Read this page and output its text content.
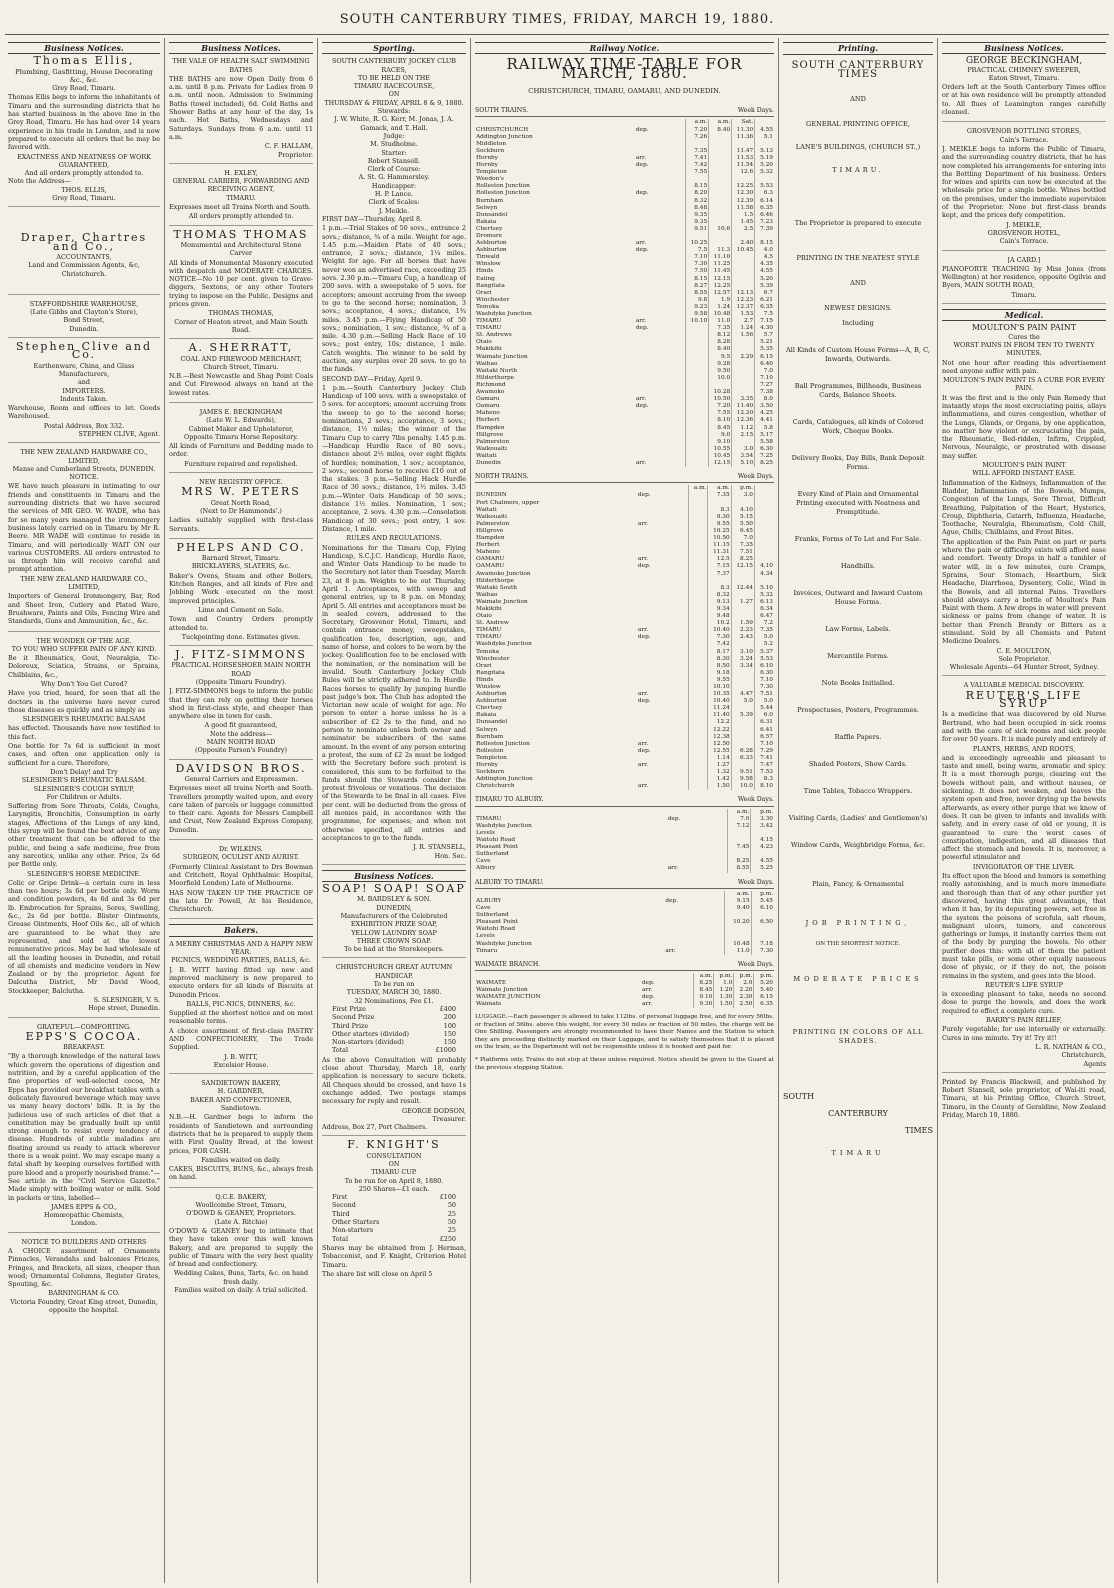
SOUTH CANTERBURY TIMES, FRIDAY, MARCH 19, 1880.
Business Notices.
Thomas Ellis,
Plumbing, Gasfitting, House Decorating &c., &c.
Grey Road, Timaru.

Thomas Ellis begs to inform the inhabitants of Timaru and the surrounding districts that he has started business in the above line in the Grey Road, Timaru. He has had over 14 years experience in his trade in London, and is now prepared to execute all orders that he may be favored with.

EXACTNESS AND NEATNESS OF WORK GUARANTEED,
And all orders promptly attended to.
Note the Address—
THOS. ELLIS,
Grey Road, Timaru.
Draper, Chartres and Co.,
ACCOUNTANTS,
Land and Commission Agents, &c,
Christchurch.
STAFFORDSHIRE WAREHOUSE,
(Late Gibbs and Clayton's Store),
Bond Street,
Dunedin.
Stephen Clive and Co.
Earthenware, China, and Glass Manufacturers,
and
IMPORTERS.
Indents Taken.

Warehouse, Room and offices to let. Goods Warehoused.

Postal Address, Box 332.
STEPHEN CLIVE, Agent.
THE NEW ZEALAND HARDWARE CO., LIMITED,
Manse and Cumberland Streets, DUNEDIN.
NOTICE.

WE have much pleasure in intimating to our friends and constituents in Timaru and the surrounding districts that we have secured the services of MR GEO. W. WADE, who has for so many years managed the ironmongery business lately carried on in Timaru by Mr R. Beere. MR WADE will continue to reside in Timaru, and will periodically WAIT ON our various CUSTOMERS. All orders entrusted to us through him will receive careful and prompt attention.

THE NEW ZEALAND HARDWARE CO., LIMITED,

Importers of General Ironmongery, Bar, Rod and Sheet Iron, Cutlery and Plated Ware, Brushware, Paints and Oils, Fencing Wire and Standards, Guns and Ammunition, &c., &c.

THE WONDER OF THE AGE.
TO YOU WHO SUFFER PAIN OF ANY KIND.

Be it Rheumatics, Gout, Neuralgia, Tic-Doloreux, Sciatica, Strains, or Sprains, Chilblains, &c.,

Why Don't You Get Cured?

Have you tried, heard, for seen that all the doctors in the universe have never cured those diseases as quickly and as simply as

SLESINGER'S RHEUMATIC BALSAM

has effected. Thousands have now testified to this fact.

One bottle for 7s 6d is sufficient in most cases, and often one application only is sufficient for a cure. Therefore,

Don't Delay! and Try
SLESINGER'S RHEUMATIC BALSAM.
SLESINGER'S COUGH SYRUP,
For Children or Adults.

Suffering from Sore Throats, Colds, Coughs, Laryngitis, Bronchitis, Consumption in early stages, Affections of the Lungs of any kind, this syrup will be found the best advice of any other treatment that can be offered to the public, and being a safe medicine, free from any narcotics, unlike any other. Price, 2s 6d per Bottle only.

SLESINGER'S HORSE MEDICINE.

Colic or Gripe Drink—a certain cure in less than two hours; 3s 6d per bottle only. Worm and condition powders, 4s 6d and 3s 6d per lb. Embrocation for Sprains, Sores, Swelling, &c., 2s 6d per bottle. Blister Ointments, Grease Ointments, Hoof Oils &c., all of which are guaranteed to be what they are represented, and sold at the lowest remunerative prices. May be had wholesale of all the leading houses in Dunedin, and retail of all chemists and medicine vendors in New Zealand or by the proprietor. Agent for Dalcutha District, Mr David Wood, Stockkeeper, Balclutha.

S. SLESINGER, V. S.
Hope street, Dunedin.
GRATEFUL—COMFORTING.
EPPS'S COCOA.
BREAKFAST.

"By a thorough knowledge of the natural laws which govern the operations of digestion and nutrition, and by a careful application of the fine properties of well-selected cocoa, Mr Epps has provided our breakfast tables with a delicately flavoured beverage which may save us many heavy doctors' bills. It is by the judicious use of such articles of diet that a constitution may be gradually built up until strong enough to resist every tendency of disease. Hundreds of subtle maladies are floating around us ready to attack wherever there is a weak point. We may escape many a fatal shaft by keeping ourselves fortified with pure blood and a properly nourished frame."—See article in the "Civil Service Gazette." Made simply with boiling water or milk. Sold in packets or tins, labelled—

JAMES EPPS & CO.,
Homœopathic Chemists,
London.
NOTICE TO BUILDERS AND OTHERS

A CHOICE assortment of Ornaments Pinnacles, Verandahs and balconies Friezes, Fringes, and Brackets, all sizes, cheaper than wood; Ornamental Columns, Register Grates, Spouting, &c.

BARNINGHAM & CO.
Victoria Foundry, Great King street, Dunedin, opposite the hospital.
Business Notices.
THE VALE OF HEALTH SALT SWIMMING BATHS

THE BATHS are now Open Daily from 6 a.m. until 8 p.m. Private for Ladies from 9 a.m. until noon. Admission to Swimming Baths (towel included), 6d. Cold Baths and Shower Baths at any hour of the day, 1s each. Hot Baths, Wednesdays and Saturdays. Sundays from 6 a.m. until 11 a.m.

C. F. HALLAM,
Proprietor.
H. EXLEY,
GENERAL CARRIER, FORWARDING AND RECEIVING AGENT,
TIMARU.

Expresses meet all Trains North and South.

All orders promptly attended to.
THOMAS THOMAS
Monumental and Architectural Stone Carver

All kinds of Monumental Masonry executed with despatch and MODERATE CHARGES. NOTICE—No 10 per cent. given to Grave-diggers, Sextons, or any other Touters trying to impose on the Public. Designs and prices given.

THOMAS THOMAS,
Corner of Heaton street, and Main South Road.
A. SHERRATT,
COAL AND FIREWOOD MERCHANT,
Church Street, Timaru.

N.B.—Best Newcastle and Shag Point Coals and Cut Firewood always on hand at the lowest rates.

JAMES E. BECKINGHAM
(Late W. L. Edwards),
Cabinet Maker and Upholsterer,
Opposite Timaru Horse Repository.

All kinds of Furniture and Bedding made to order.

Furniture repaired and repolished.
NEW REGISTRY OFFICE.
MRS W. PETERS
Great North Road,
(Next to Dr Hammonds'.)

Ladies suitably supplied with first-class Servants.

PHELPS AND CO.
Barnard Street, Timaru.
BRICKLAYERS, SLATERS, &c.

Baker's Ovens, Steam and other Boilers, Kitchen Ranges, and all kinds of Fire and Jobbing Work executed on the most improved principles.

Lime and Cement on Sale.

Town and Country Orders promptly attended to.

Tuckpointing done. Estimates given.
J. FITZ-SIMMONS
PRACTICAL HORSESHOER MAIN NORTH ROAD
(Opposite Timaru Foundry).

J. FITZ-SIMMONS begs to inform the public that they can rely on getting their horses shod in first-class style, and cheaper than anywhere else in town for cash.

A good fit guaranteed,
Note the address—
MAIN NORTH ROAD
(Opposite Parson's Foundry)
DAVIDSON BROS.
General Carriers and Expressmen.

Expresses meet all trains North and South. Travellers promptly waited upon, and every care taken of parcels or luggage committed to their care. Agents for Messrs Campbell and Crust, New Zealand Express Company, Dunedin.

Dr. WILKINS.
SURGEON, OCULIST AND AURIST.

(Formerly Clinical Assistant to Drs Bowman and Critchett, Royal Ophthalmic Hospital, Moorfield London) Late of Melbourne.

HAS NOW TAKEN UP THE PRACTICE OF the late Dr Powell, At his Residence, Christchurch.

Bakers.
A MERRY CHRISTMAS AND A HAPPY NEW YEAR.
PICNICS, WEDDING PARTIES, BALLS, &c.

J. B. WITT having fitted up new and improved machinery is now prepared to execute orders for all kinds of Biscuits at Dunedin Prices.

BALLS, PIC-NICS, DINNERS, &c.

Supplied at the shortest notice and on most reasonable terms.

A choice assortment of first-class PASTRY AND CONFECTIONERY, The Trade Supplied.

J. B. WITT,
Excelsior House.
SANDIETOWN BAKERY,
H. GARDNER,
BAKER AND CONFECTIONER,
Sandietown.

N.B.—H. Gardner begs to inform the residents of Sandietown and surrounding districts that he is prepared to supply them with First Quality Bread, at the lowest prices, FOR CASH.

Families waited on daily.

CAKES, BISCUITS, BUNS, &c., always fresh on hand.

Q.C.E. BAKERY,
Woollcombe Street, Timaru,
O'DOWD & GEANEY, Proprietors.
(Late A. Ritchie)

O'DOWD & GEANEY beg to intimate that they have taken over this well known Bakery, and are prepared to supply the public of Timaru with the very best quality of bread and confectionery.

Wedding Cakes, Buns, Tarts, &c. on hand fresh daily.
Families waited on daily. A trial solicited.
Sporting.
SOUTH CANTERBURY JOCKEY CLUB RACES,
TO BE HELD ON THE
TIMARU RACECOURSE,
ON
THURSDAY & FRIDAY, APRIL 8 & 9, 1880.
Stewards:
J. W. White, R. G. Kerr, M. Jonas, J. A. Gamack, and T. Hall.
Judge:
M. Studholme.
Starter:
Robert Stansell.
Clerk of Course:
A. St. G. Hammersley.
Handicapper:
H. P. Lance.
Clerk of Scales:
J. Meikle.
FIRST DAY—Thursday, April 8.

1 p.m.—Trial Stakes of 50 sovs., entrance 2 sovs.; distance, ¾ of a mile. Weight for age. 1.45 p.m.—Maiden Plate of 40 sovs.; entrance, 2 sovs.; distance, 1¼ miles. Weight for age. For all horses that have never won an advertised race, exceeding 25 sovs. 2.30 p.m.—Timaru Cup, a handicap of 200 sovs. with a sweepstake of 5 sovs. for acceptors; amount accruing from the sweep to go to the second horse; nomination, 3 sovs.; acceptance, 4 sovs.; distance, 1¾ miles. 3.45 p.m.—Flying Handicap of 50 sovs.; nomination, 1 sov.; distance, ¾ of a mile. 4.30 p.m.—Selling Hack Race of 10 sovs.; post entry, 10s; distance, 1 mile. Catch weights. The winner to be sold by auction, any surplus over 20 sovs. to go to the funds.

SECOND DAY—Friday, April 9.

1 p.m.—South Canterbury Jockey Club Handicap of 100 sovs. with a sweepstake of 5 sovs. for acceptors; amount accruing from the sweep to go to the second horse; nominations, 2 sovs.; acceptance, 3 sovs.; distance, 1½ miles; the winner of the Timaru Cup to carry 7lbs penalty. 1.45 p.m.—Handicap Hurdle Race of 80 sovs.; distance about 2½ miles, over eight flights of hurdles; nomination, 1 sov.; acceptance, 2 sovs.; second horse to receive £10 out of the stakes. 3 p.m.—Selling Hack Hurdle Race of 30 sovs.; distance, 1½ miles. 3.45 p.m.—Winter Oats Handicap of 50 sovs.; distance 1½ miles. Nomination, 1 sov.; acceptance, 2 sovs. 4.30 p.m.—Consolation Handicap of 30 sovs.; post entry, 1 sov. Distance, 1 mile.

RULES AND REGULATIONS.

Nominations for the Timaru Cup, Flying Handicap, S.C.J.C. Handicap, Hurdle Race, and Winter Oats Handicap to be made to the Secretary not later than Tuesday, March 23, at 8 p.m. Weights to be out Thursday, April 1. Acceptances, with sweep and general entries, up to 8 p.m. on Monday, April 5. All entries and acceptances must be in sealed covers, addressed to the Secretary, Grosvenor Hotel, Timaru, and contain entrance money, sweepstakes, qualification fee, description, age, and name of horse, and colors to be worn by the jockey. Qualification fee to be enclosed with the nomination, or the nomination will be invalid. South Canterbury Jockey Club Rules will be strictly adhered to. In Hurdle Races horses to qualify by jumping hurdle past judge's box. The Club has adopted the Victorian new scale of weight for age. No person to enter a horse unless he is a subscriber of £2 2s to the fund, and no person to nominate unless both owner and nominator be subscribers of the same amount. In the event of any person entering a protest, the sum of £2 2s must be lodged with the Secretary before such protest is considered, this sum to be forfeited to the funds should the Stewards consider the protest frivolous or vexatious. The decision of the Stewards to be final in all cases. Five per cent. will be deducted from the gross of all monies paid, in accordance with the programme, for expenses; and when not otherwise specified, all entries and acceptances to go to the funds.

J. R. STANSELL,
Hon. Sec.
Business Notices.
SOAP! SOAP! SOAP
M. BARDSLEY & SON.
DUNEDIN,
Manufacturers of the Celebrated
EXHIBITION PRIZE SOAP,
YELLOW LAUNDRY SOAP
THREE CROWN SOAP.
To be had at the Storekeepers.
CHRISTCHURCH GREAT AUTUMN HANDICAP.
To be run on
TUESDAY, MARCH 30, 1880.
32 Nominations, Fee £1.
First Prize	£400
Second Prize	200
Third Prize	100
Other starters (divided)	150
Non-starters (divided)	150
Total	£1000

As the above Consultation will probably close about Thursday, March 18, early application is necessary to secure tickets. All Cheques should be crossed, and have 1s exchange added. Two postage stamps necessary for reply and result.

GEORGE DODSON,
Treasurer.
Address, Box 27, Port Chalmers.
F. KNIGHT'S
CONSULTATION
ON
TIMARU CUP.
To be run for on April 8, 1880.
250 Shares—£1 each.
First	£100
Second	50
Third	25
Other Starters	50
Non-starters	25
Total	£250

Shares may be obtained from J. Herman, Tobacconist, and F. Knight, Criterion Hotel Timaru.

The share list will close on April 5
Railway Notice.
RAILWAY TIME-TABLE FOR MARCH, 1880.
CHRISTCHURCH, TIMARU, OAMARU, AND DUNEDIN.
SOUTH TRAINS.	Week Days.
		a.m.	a.m.	Sat.	
CHRISTCHURCH	dep.	7.20	8.40	11.30	4.55
Addington Junction		7.26		11.36	5.1
Middleton					
Sockburn		7.35		11.47	5.13
Hornby	arr.	7.41		11.53	5.19

Hornby	dep.	7.42		11.54	5.20
Templeton		7.55		12.6	5.32
Weedon's					
Rolleston Junction		8.15		12.25	5.53
Rolleston Junction	dep.	8.20		12.30	6.3
Burnham		8.32		12.39	6.14
Selwyn		8.48		11.58	6.35
Dunsandel		9.35		1.5	6.46
Rakaia		9.35		1.45	7.23
Chertsey		9.51	10.6	2.5	7.39
Dromore					
Ashburton	arr.	10.25		2.40	8.15

Ashburton	dep.	7.5	11.3	10.45	4.0
Tinwald		7.10	11.10		4.5
Winslow		7.30	11.25		4.35
Hinds		7.50	11.45		4.55
Ealing		8.15	12.15		5.20
Rangitata		8.27	12.25		5.39
Orari		8.55	12.57	12.13	6.7
Winchester		9.8	1.9	12.23	6.21
Temuka		9.23	1.24	12.37	6.35
Washdyke Junction		9.58	10.48	1.53	7.5
TIMARU	arr.	10.10	11.0	2.7	7.15

TIMARU	dep.		7.35	1.24	4.30
St. Andrews			8.12	1.56	5.7
Otaio			8.28		5.21
Makikihi			8.40		5.35
Waimate Junction			9.5	2.29	6.15
Waihao			9.28		6.40
Waitaki North			9.50		7.0
Hilderthorpe			10.0		7.10
Richmond					7.27
Awamoko			10.28		7.38
Oamaru	arr.		10.50	3.35	8.0

Oamaru	dep.		7.20	11.40	3.50
Maheno			7.55	12.20	4.25
Herbert			8.10	12.36	4.41
Hampden			8.45	1.12	5.8
Hillgrove			9.0	2.15	5.17
Palmerston			9.10		5.58
Waikouaiti			10.55	3.0	6.30
Waitati			10.45	3.54	7.25
Dunedin	arr.		12.15	5.10	8.25
NORTH TRAINS.	Week Days.
		a.m.	a.m.	p.m.	
DUNEDIN	dep.		7.35	3.0	
Port Chalmers, upper					
Waitati			8.3	4.10	
Waikouaiti			9.30	5.15	
Palmerston	arr.		9.55	5.50	
Hillgrove			10.25	6.45	
Hampden			10.50	7.0	
Herbert			11.15	7.35	
Maheno			11.31	7.51	
OAMARU	arr.		12.5	8.25	

OAMARU	dep.		7.15	12.15	4.10
Awamoko Junction			7.37		4.34
Hilderthorpe					
Waitaki South			8.3	12.44	5.10
Waihao			8.32		5.32
Waimate Junction			9.13	1.27	6.13
Makikihi			9.34		6.34
Otaio			9.48		6.47
St. Andrew			10.2	1.59	7.2
TIMARU	arr.		10.40	2.23	7.35

TIMARU	dep.		7.30	2.43	5.0
Washdyke Junction			7.42		5.2
Temuka			8.17	3.10	5.37
Winchester			8.30	3.24	5.53
Orari			8.50	3.34	6.10
Rangitata			9.18		6.30
Hinds			9.55		7.10
Winslow			10.10		7.30
Ashburton	arr.		10.35	4.47	7.51

Ashburton	dep.		10.40	5.0	5.0
Chertsey			11.24		5.44
Rakaia			11.40	5.39	6.0
Dunsandel			12.2		6.31
Selwyn			12.22		6.41
Burnham			12.38		6.57
Rolleston Junction	arr.		12.50		7.10
Rolleston	dep.		12.55	6.28	7.29
Templeton			1.14	6.33	7.41
Hornby	arr.		1.27		7.47
Sockburn			1.32	9.51	7.53
Addington Junction			1.42	9.58	8.3
Christchurch	arr.		1.50	10.0	8.10
TIMARU TO ALBURY.	Week Days.
		a.m.	p.m.
TIMARU	dep.	7.0	3.30
Washdyke Junction		7.12	3.42
Levels			
Waitohi Road			4.15
Pleasant Point		7.45	4.23
Sutherland			
Cave		8.25	4.55
Albury	arr.	8.55	5.25
ALBURY TO TIMARU.	Week Days.
		a.m.	p.m.
ALBURY	dep.	9.15	5.45
Cave		9.40	6.10
Sutherland			
Pleasant Point		10.20	6.50
Waitohi Road			
Levels			
Washdyke Junction		10.48	7.18
Timaru	arr.	11.0	7.30
WAIMATE BRANCH.	Week Days.
		a.m.	p.m.	p.m.	p.m.
WAIMATE	dep.	8.25	1.0	2.0	5.20
Waimate Junction	arr.	8.45	1.20	2.20	5.40
WAIMATE JUNCTION	dep.	9.10	1.30	2.30	6.15
Waimate	arr.	9.30	1.50	2.50	6.35
LUGGAGE.—Each passenger is allowed to take 112lbs. of personal luggage free, and for every 56lbs. or fraction of 56lbs. above this weight, for every 50 miles or fraction of 50 miles, the charge will be One Shilling. Passengers are strongly recommended to have their Names and the Station to which they are proceeding distinctly marked on their Luggage, and to satisfy themselves that it is placed on the train, as the Department will not be responsible unless it is booked and paid for.
* Platforms only. Trains do not stop at these unless required. Notice should be given to the Guard at the previous stopping Station.
Printing.
SOUTH CANTERBURY TIMES
AND
GENERAL PRINTING OFFICE,
LANE'S BUILDINGS, (CHURCH ST.,)
TIMARU.
The Proprietor is prepared to execute
PRINTING IN THE NEATEST STYLE
AND
NEWEST DESIGNS.
Including
All Kinds of Custom House Forms—A, B, C, Inwards, Outwards.
Ball Programmes, Billheads, Business Cards, Balance Sheets.
Cards, Catalogues, all kinds of Colored Work, Cheque Books.
Delivery Books, Day Bills, Bank Deposit Forms.
Every Kind of Plain and Ornamental Printing executed with Neatness and Promptitude.
Franks, Forms of To Let and For Sale.
Handbills.
Invoices, Outward and Inward Custom House Forms.
Law Forms, Labels.
Mercantile Forms.
Note Books Initialled.
Prospectuses, Posters, Programmes.
Raffle Papers.
Shaded Posters, Show Cards.
Time Tables, Tobacco Wrappers.
Visiting Cards, (Ladies' and Gentlemen's)
Window Cards, Weighbridge Forms, &c.
Plain, Fancy, & Ornamental
JOB PRINTING,
ON THE SHORTEST NOTICE.
MODERATE PRICES
PRINTING IN COLORS OF ALL SHADES.
SOUTH
CANTERBURY
TIMES
TIMARU
Business Notices.
GEORGE BECKINGHAM,
PRACTICAL CHIMNEY SWEEPER,
Eaton Street, Timaru.

Orders left at the South Canterbury Times office or at his own residence will be promptly attended to. All flues of Leamington ranges carefully cleaned.

GROSVENOR BOTTLING STORES,
Cain's Terrace.

J. MEIKLE begs to inform the Public of Timaru, and the surrounding country districts, that he has now completed his arrangements for entering into the Bottling Department of his business. Orders for wines and spirits can now be executed at the wholesale price for a single bottle. Wines bottled on the premises, under the immediate supervision of the Proprietor. None but first-class brands kept, and the prices defy competition.

J. MEIKLE,
GROSVENOR HOTEL,
Cain's Terrace.
[A CARD.]

PIANOFORTE TEACHING by Miss Jones (from Wellington) at her residence, opposite Ogilvie and Byers, MAIN SOUTH ROAD,

Timaru.
Medical.
MOULTON'S PAIN PAINT
Cures the
WORST PAINS IN FROM TEN TO TWENTY MINUTES.

Not one hour after reading this advertisement need anyone suffer with pain.

MOULTON'S PAIN PAINT IS A CURE FOR EVERY PAIN.

It was the first and is the only Pain Remedy that instantly stops the most excruciating pains, allays inflammations, and cures congestion, whether of the Lungs, Glands, or Organs, by one application, no matter how violent or excruciating the pain, the Rheumatic, Bed-ridden, Infirm, Crippled, Nervous, Neuralgic, or prostrated with disease may suffer.

MOULTON'S PAIN PAINT
WILL AFFORD INSTANT EASE.

Inflammation of the Kidneys, Inflammation of the Bladder, Inflammation of the Bowels, Mumps, Congestion of the Lungs, Sore Throat, Difficult Breathing, Palpitation of the Heart, Hysterics, Croup, Diphtheria, Catarrh, Influenza, Headache, Toothache, Neuralgia, Rheumatism, Cold Chill, Ague, Chills, Chilblains, and Frost Bites.

The application of the Pain Paint on part or parts where the pain or difficulty exists will afford ease and comfort. Twenty Drops in half a tumbler of water will, in a few minutes, cure Cramps, Sprains, Sour Stomach, Heartburn, Sick Headache, Diarrhoea, Dysentery, Colic, Wind in the Bowels, and all internal Pains. Travellers should always carry a bottle of Moulton's Pain Paint with them. A few drops in water will prevent sickness or pains from change of water. It is better than French Brandy or Bitters as a stimulant. Sold by all Chemists and Patent Medicine Dealers.

C. E. MOULTON,
Sole Proprietor.
Wholesale Agents—64 Hunter Street, Sydney.
A VALUABLE MEDICAL DISCOVERY.
REUTER'S LIFE SYRUP

Is a medicine that was discovered by old Nurse Bertrand, who had been occupied in sick rooms and with the care of sick rooms and sick people for over 50 years. It is made purely and entirely of

PLANTS, HERBS, AND ROOTS,

and is exceedingly agreeable and pleasant to taste and smell, being warm, aromatic and spicy. It is a most thorough purge, clearing out the bowels without pain, and without nausea, or sickening. It does not weaken, and leaves the system open and free, never drying up the bowels afterwards, as every other purge that we know of does. It can be given to infants and invalids with safety, and in every case of old or young, it is guaranteed to cure the worst cases of constipation, indigestion, and all diseases that affect the stomach and bowels. It is, moreover, a powerful stimulator and

INVIGORATOR OF THE LIVER.

Its effect upon the blood and humors is something really astonishing, and is much more immediate and thorough than that of any other purifier yet discovered, having this great advantage, that when it has, by its depurating powers, set free in the system the poisons of scrofula, salt rheum, malignant ulcers, tumors, and cancerous gatherings or lumps, it instantly carries them out of the body by purging the bowels. No other purifier does this: with all of them the patient must take pills, or some other equally nauseous dose of physic, or if they do not, the poison remains in the system, and goes into the blood.

REUTER'S LIFE SYRUP

is exceeding pleasant to take, needs no second dose to purge the bowels, and does the work required to effect a complete cure.

BARRY'S PAIN RELIEF,

Purely vegetable; for use internally or externally. Cures in one minute. Try it! Try it!!

L. R. NATHAN & CO.,
Christchurch,
Agents

Printed by Francis Blackwell, and published by Robert Stansell, sole proprietor, of Wai-iti road, Timaru, at his Printing Office, Church Street, Timaru, in the County of Geraldine, New Zealand Friday, March 19, 1880.
